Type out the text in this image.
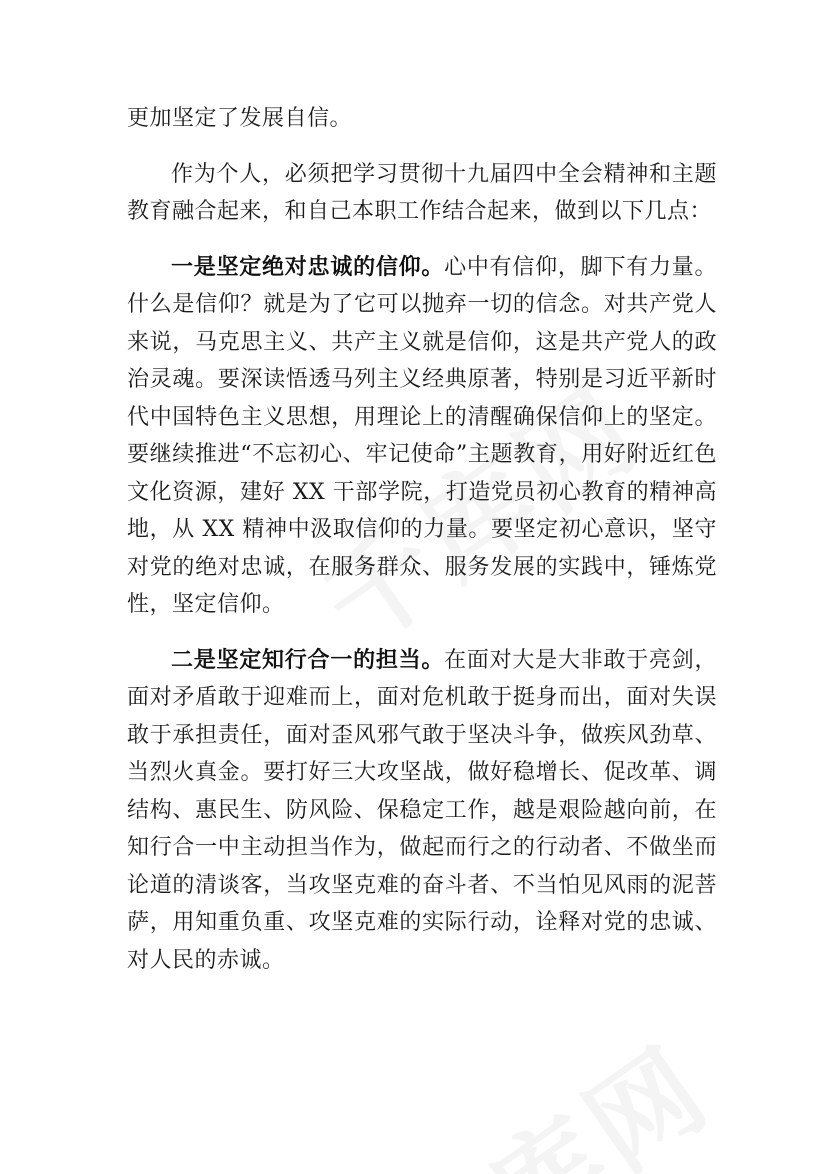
更加坚定了发展自信。

作为个人，必须把学习贯彻十九届四中全会精神和主题教育融合起来，和自己本职工作结合起来，做到以下几点：

一是坚定绝对忠诚的信仰。心中有信仰，脚下有力量。什么是信仰？就是为了它可以抛弃一切的信念。对共产党人来说，马克思主义、共产主义就是信仰，这是共产党人的政治灵魂。要深读悟透马列主义经典原著，特别是习近平新时代中国特色主义思想，用理论上的清醒确保信仰上的坚定。要继续推进“不忘初心、牢记使命”主题教育，用好附近红色文化资源，建好 XX 干部学院，打造党员初心教育的精神高地，从 XX 精神中汲取信仰的力量。要坚定初心意识，坚守对党的绝对忠诚，在服务群众、服务发展的实践中，锤炼党性，坚定信仰。

二是坚定知行合一的担当。在面对大是大非敢于亮剑，面对矛盾敢于迎难而上，面对危机敢于挺身而出，面对失误敢于承担责任，面对歪风邪气敢于坚决斗争，做疾风劲草、当烈火真金。要打好三大攻坚战，做好稳增长、促改革、调结构、惠民生、防风险、保稳定工作，越是艰险越向前，在知行合一中主动担当作为，做起而行之的行动者、不做坐而论道的清谈客，当攻坚克难的奋斗者、不当怕见风雨的泥菩萨，用知重负重、攻坚克难的实际行动，诠释对党的忠诚、对人民的赤诚。
